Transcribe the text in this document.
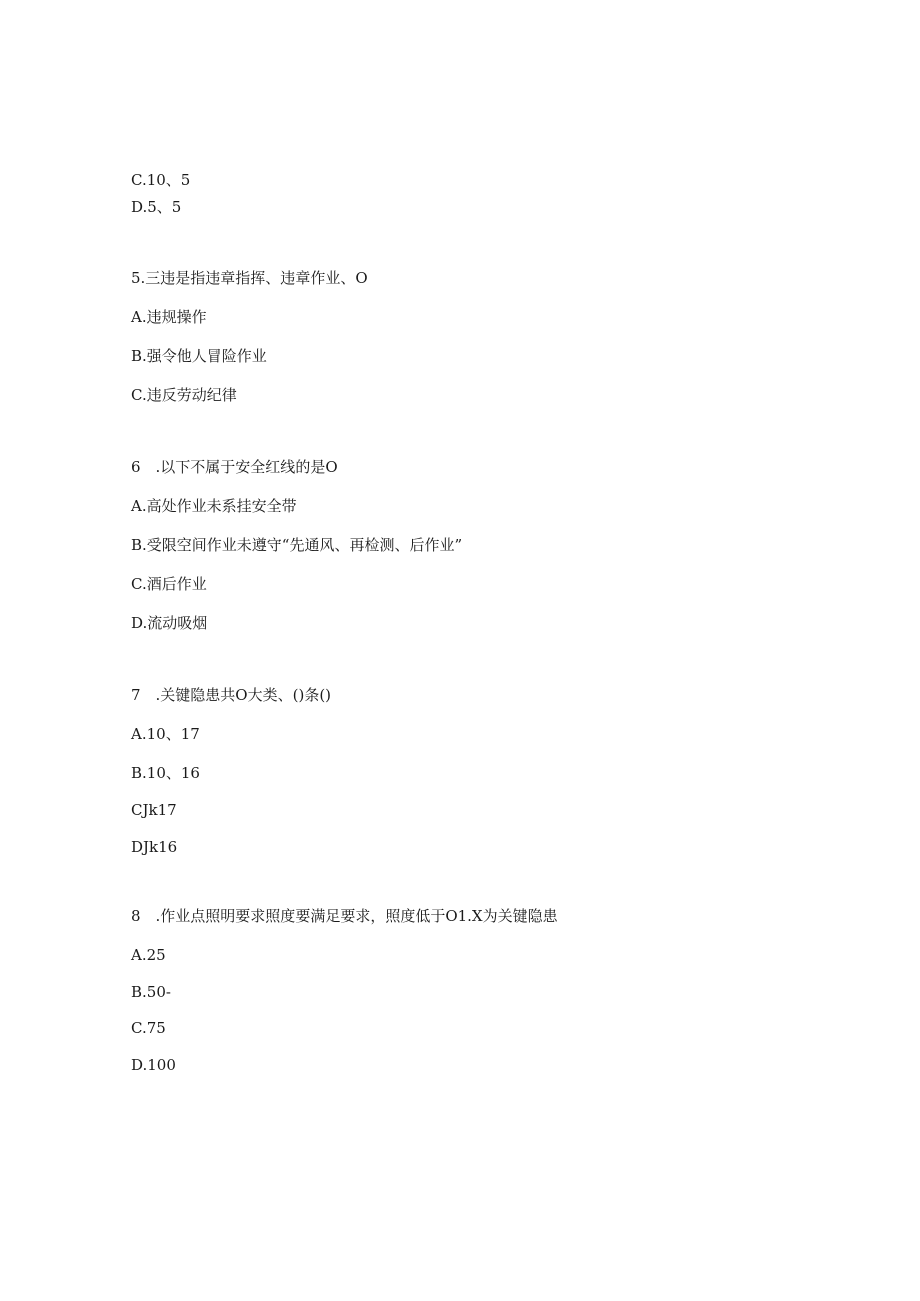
C.10、5
D.5、5
5.三违是指违章指挥、违章作业、O
A.违规操作
B.强令他人冒险作业
C.违反劳动纪律
6　.以下不属于安全红线的是O
A.高处作业未系挂安全带
B.受限空间作业未遵守“先通风、再检测、后作业”
C.酒后作业
D.流动吸烟
7　.关键隐患共O大类、()条()
A.10、17
B.10、16
CJk17
DJk16
8　.作业点照明要求照度要满足要求，照度低于O1.X为关键隐患
A.25
B.50-
C.75
D.100
